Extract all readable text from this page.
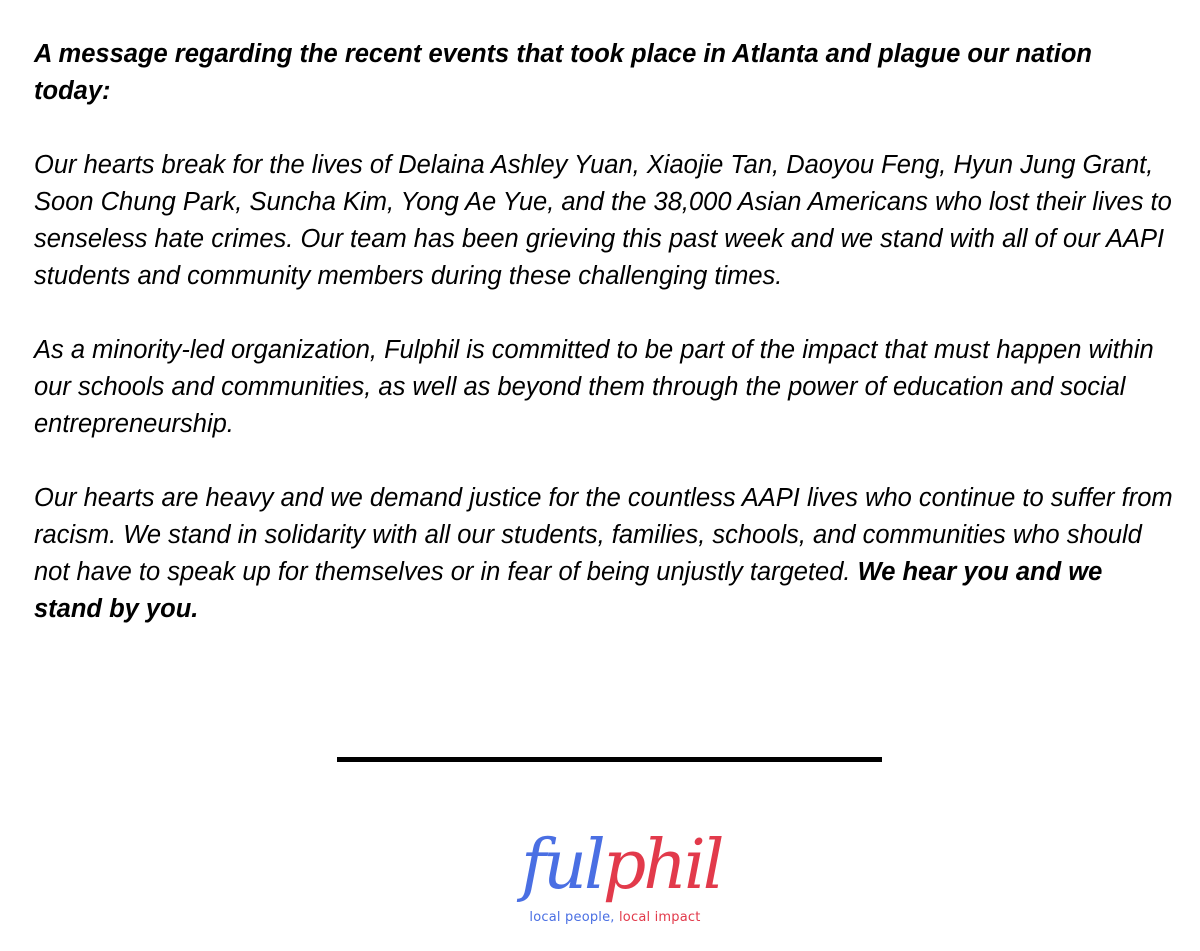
A message regarding the recent events that took place in Atlanta and plague our nation today:

Our hearts break for the lives of Delaina Ashley Yuan, Xiaojie Tan, Daoyou Feng, Hyun Jung Grant, Soon Chung Park, Suncha Kim, Yong Ae Yue, and the 38,000 Asian Americans who lost their lives to senseless hate crimes. Our team has been grieving this past week and we stand with all of our AAPI students and community members during these challenging times.

As a minority-led organization, Fulphil is committed to be part of the impact that must happen within our schools and communities, as well as beyond them through the power of education and social entrepreneurship.

Our hearts are heavy and we demand justice for the countless AAPI lives who continue to suffer from racism. We stand in solidarity with all our students, families, schools, and communities who should not have to speak up for themselves or in fear of being unjustly targeted. We hear you and we stand by you.

fulphil
local people, local impact
